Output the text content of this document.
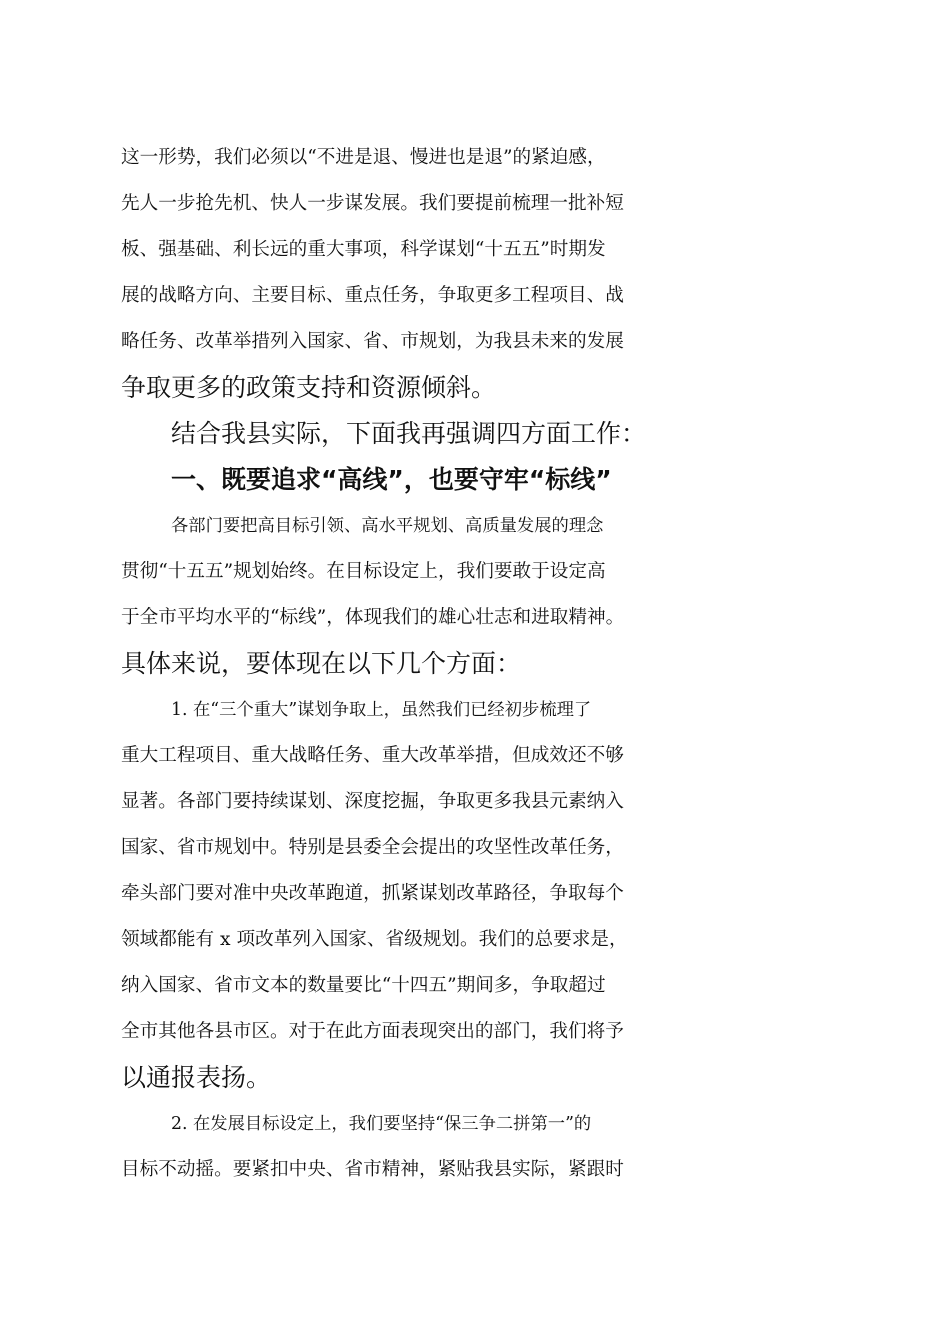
这一形势，我们必须以“不进是退、慢进也是退”的紧迫感，
先人一步抢先机、快人一步谋发展。我们要提前梳理一批补短
板、强基础、利长远的重大事项，科学谋划“十五五”时期发
展的战略方向、主要目标、重点任务，争取更多工程项目、战
略任务、改革举措列入国家、省、市规划，为我县未来的发展
争取更多的政策支持和资源倾斜。
结合我县实际，下面我再强调四方面工作：
一、既要追求“高线”，也要守牢“标线”
各部门要把高目标引领、高水平规划、高质量发展的理念
贯彻“十五五”规划始终。在目标设定上，我们要敢于设定高
于全市平均水平的“标线”，体现我们的雄心壮志和进取精神。
具体来说，要体现在以下几个方面：
1. 在“三个重大”谋划争取上，虽然我们已经初步梳理了
重大工程项目、重大战略任务、重大改革举措，但成效还不够
显著。各部门要持续谋划、深度挖掘，争取更多我县元素纳入
国家、省市规划中。特别是县委全会提出的攻坚性改革任务，
牵头部门要对准中央改革跑道，抓紧谋划改革路径，争取每个
领域都能有 x 项改革列入国家、省级规划。我们的总要求是，
纳入国家、省市文本的数量要比“十四五”期间多，争取超过
全市其他各县市区。对于在此方面表现突出的部门，我们将予
以通报表扬。
2. 在发展目标设定上，我们要坚持“保三争二拼第一”的
目标不动摇。要紧扣中央、省市精神，紧贴我县实际，紧跟时
